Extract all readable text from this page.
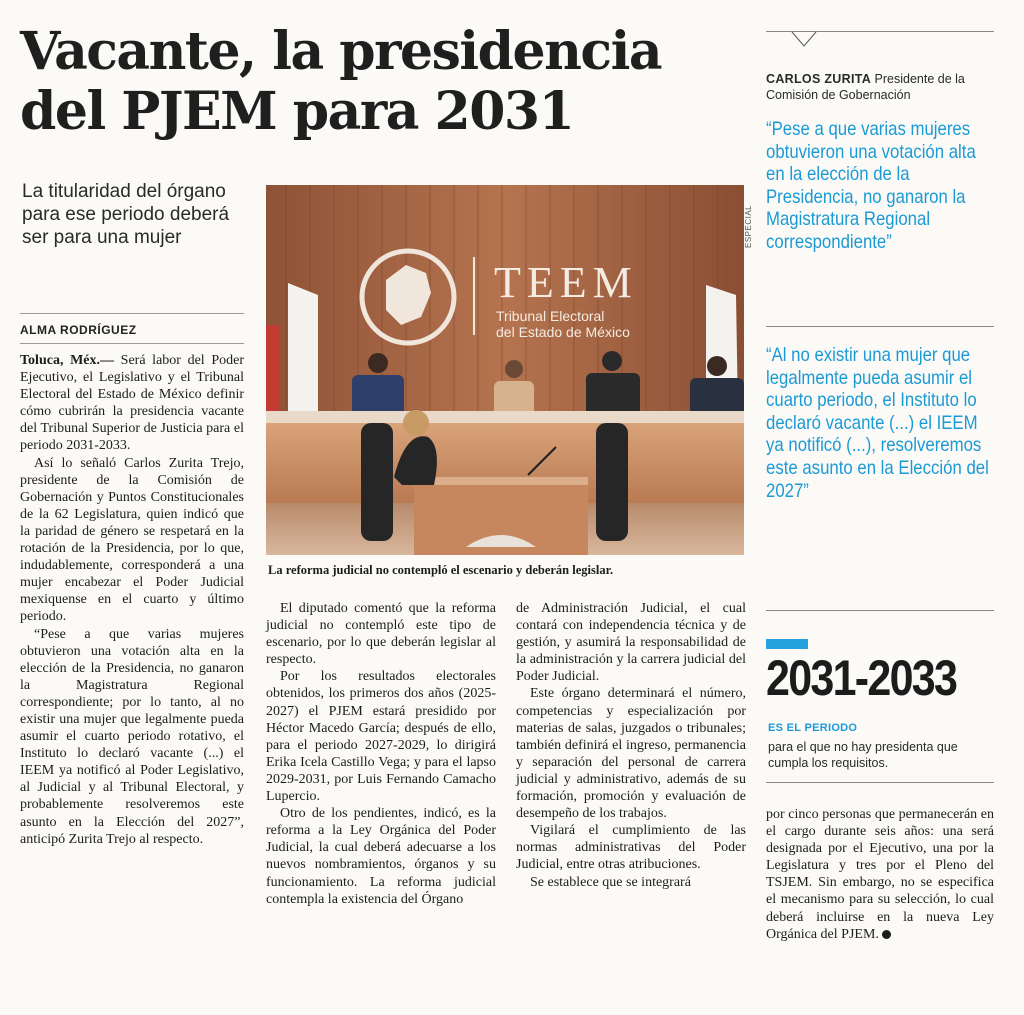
Vacante, la presidencia
del PJEM para 2031
La titularidad del órgano para ese periodo deberá ser para una mujer
ALMA RODRÍGUEZ

Toluca, Méx.— Será labor del Poder Ejecutivo, el Legislativo y el Tribunal Electoral del Estado de México definir cómo cubrirán la presidencia vacante del Tribunal Superior de Justicia para el periodo 2031-2033.

Así lo señaló Carlos Zurita Trejo, presidente de la Comisión de Gobernación y Puntos Constitucionales de la 62 Legislatura, quien indicó que la paridad de género se respetará en la rotación de la Presidencia, por lo que, indudablemente, corresponderá a una mujer encabezar el Poder Judicial mexiquense en el cuarto y último periodo.

“Pese a que varias mujeres obtuvieron una votación alta en la elección de la Presidencia, no ganaron la Magistratura Regional correspondiente; por lo tanto, al no existir una mujer que legalmente pueda asumir el cuarto periodo rotativo, el Instituto lo declaró vacante (...) el IEEM ya notificó al Poder Legislativo, al Judicial y al Tribunal Electoral, y probablemente resolveremos este asunto en la Elección del 2027”, anticipó Zurita Trejo al respecto.

TEEM
Tribunal Electoral
del Estado de México
ESPECIAL
La reforma judicial no contempló el escenario y deberán legislar.

El diputado comentó que la reforma judicial no contempló este tipo de escenario, por lo que deberán legislar al respecto.

Por los resultados electorales obtenidos, los primeros dos años (2025-2027) el PJEM estará presidido por Héctor Macedo García; después de ello, para el periodo 2027-2029, lo dirigirá Erika Icela Castillo Vega; y para el lapso 2029-2031, por Luis Fernando Camacho Lupercio.

Otro de los pendientes, indicó, es la reforma a la Ley Orgánica del Poder Judicial, la cual deberá adecuarse a los nuevos nombramientos, órganos y su funcionamiento. La reforma judicial contempla la existencia del Órgano

de Administración Judicial, el cual contará con independencia técnica y de gestión, y asumirá la responsabilidad de la administración y la carrera judicial del Poder Judicial.

Este órgano determinará el número, competencias y especialización por materias de salas, juzgados o tribunales; también definirá el ingreso, permanencia y separación del personal de carrera judicial y administrativo, además de su formación, promoción y evaluación de desempeño de los trabajos.

Vigilará el cumplimiento de las normas administrativas del Poder Judicial, entre otras atribuciones.

Se establece que se integrará

por cinco personas que permanecerán en el cargo durante seis años: una será designada por el Ejecutivo, una por la Legislatura y tres por el Pleno del TSJEM. Sin embargo, no se especifica el mecanismo para su selección, lo cual deberá incluirse en la nueva Ley Orgánica del PJEM.

CARLOS ZURITA Presidente de la Comisión de Gobernación
“Pese a que varias mujeres obtuvieron una votación alta en la elección de la Presidencia, no ganaron la Magistratura Regional correspondiente”
“Al no existir una mujer que legalmente pueda asumir el cuarto periodo, el Instituto lo declaró vacante (...) el IEEM ya notificó (...), resolveremos este asunto en la Elección del 2027”
2031-2033
ES EL PERIODO
para el que no hay presidenta que cumpla los requisitos.
